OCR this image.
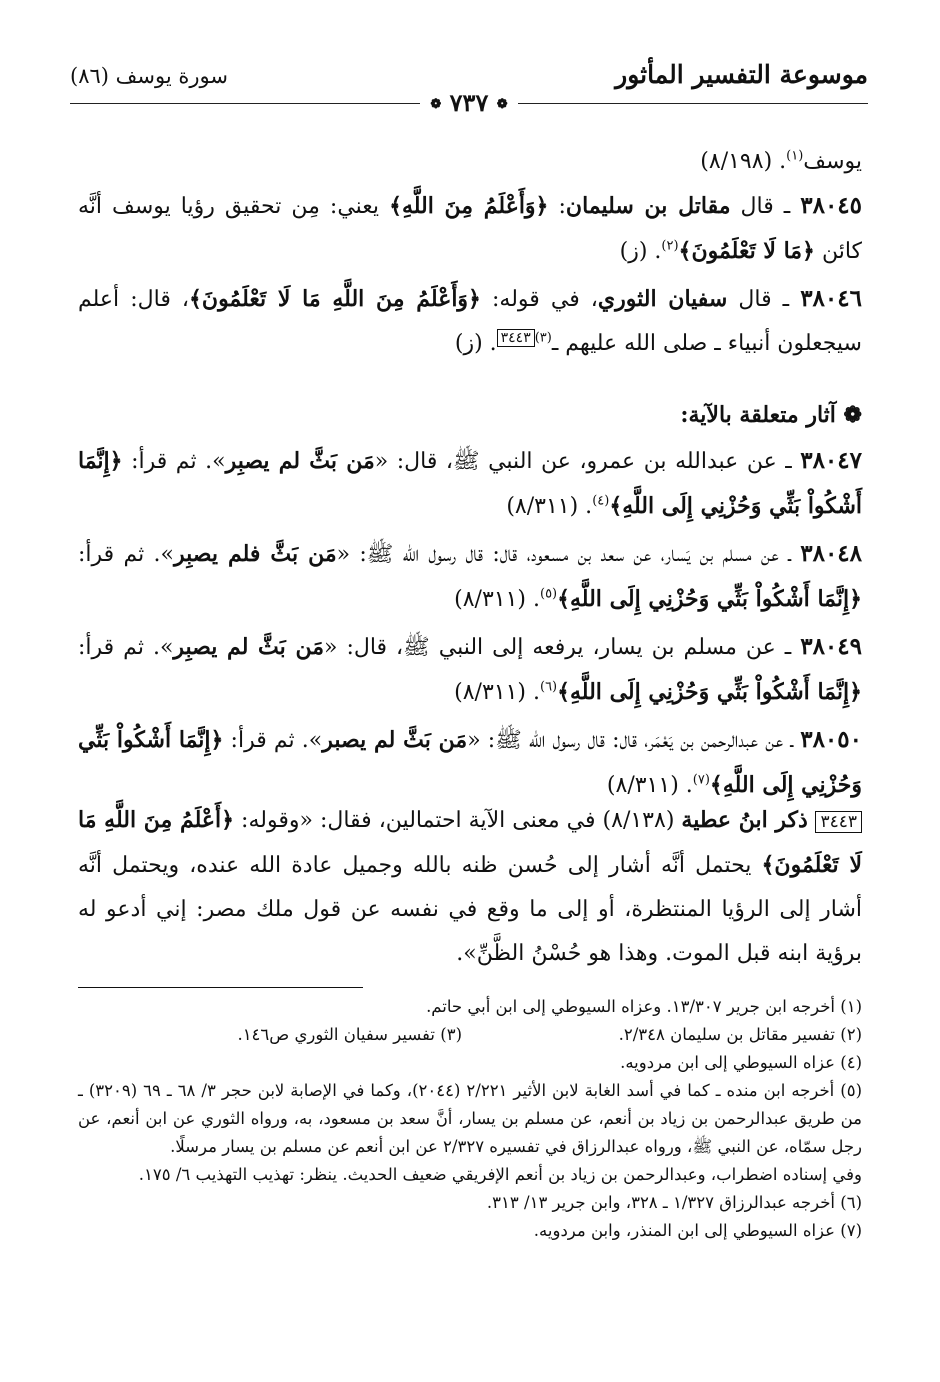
موسوعة التفسير المأثور
سورة يوسف (٨٦)
❁ ٧٣٧ ❁

يوسف$^{(١)}$. (٨/١٩٨)

٣٨٠٤٥ ـ قال مقاتل بن سليمان: ﴿وَأَعْلَمُ مِنَ اللَّهِ﴾ يعني: مِن تحقيق رؤيا يوسف أنَّه كائن ﴿مَا لَا تَعْلَمُونَ﴾$^{(٢)}$. (ز)

٣٨٠٤٦ ـ قال سفيان الثوري، في قوله: ﴿وَأَعْلَمُ مِنَ اللَّهِ مَا لَا تَعْلَمُونَ﴾، قال: أعلم سيجعلون أنبياء ـ صلى الله عليهم ـ$^{(٣)}$٣٤٤٣. (ز)

❁ آثار متعلقة بالآية:

٣٨٠٤٧ ـ عن عبدالله بن عمرو، عن النبي ﷺ، قال: «مَن بَثَّ لم يصبِر». ثم قرأ: ﴿إِنَّمَا أَشْكُواْ بَثِّي وَحُزْنِي إِلَى اللَّهِ﴾$^{(٤)}$. (٨/٣١١)

٣٨٠٤٨ ـ عن مسلم بن يَسار، عن سعد بن مسعود، قال: قال رسول الله ﷺ: «مَن بَثَّ فلم يصبِر». ثم قرأ: ﴿إِنَّمَا أَشْكُواْ بَثِّي وَحُزْنِي إِلَى اللَّهِ﴾$^{(٥)}$. (٨/٣١١)

٣٨٠٤٩ ـ عن مسلم بن يسار، يرفعه إلى النبي ﷺ، قال: «مَن بَثَّ لم يصبِر». ثم قرأ: ﴿إِنَّمَا أَشْكُواْ بَثِّي وَحُزْنِي إِلَى اللَّهِ﴾$^{(٦)}$. (٨/٣١١)

٣٨٠٥٠ ـ عن عبدالرحمن بن يَعْمَر، قال: قال رسول الله ﷺ: «مَن بَثَّ لم يصبر». ثم قرأ: ﴿إِنَّمَا أَشْكُواْ بَثِّي وَحُزْنِي إِلَى اللَّهِ﴾$^{(٧)}$. (٨/٣١١)

٣٤٤٣ ذكر ابنُ عطية (٨/١٣٨) في معنى الآية احتمالين، فقال: «وقوله: ﴿أَعْلَمُ مِنَ اللَّهِ مَا لَا تَعْلَمُونَ﴾ يحتمل أنَّه أشار إلى حُسن ظنه بالله وجميل عادة الله عنده، ويحتمل أنَّه أشار إلى الرؤيا المنتظرة، أو إلى ما وقع في نفسه عن قول ملك مصر: إني أدعو له برؤية ابنه قبل الموت. وهذا هو حُسْنُ الظَّنِّ».

(١) أخرجه ابن جرير ١٣/٣٠٧. وعزاه السيوطي إلى ابن أبي حاتم.

(٢) تفسير مقاتل بن سليمان ٢/٣٤٨.
(٣) تفسير سفيان الثوري ص١٤٦.

(٤) عزاه السيوطي إلى ابن مردويه.

(٥) أخرجه ابن منده ـ كما في أسد الغابة لابن الأثير ٢/٢٢١ (٢٠٤٤)، وكما في الإصابة لابن حجر ٣/ ٦٨ ـ ٦٩ (٣٢٠٩) ـ من طريق عبدالرحمن بن زياد بن أنعم، عن مسلم بن يسار، أنَّ سعد بن مسعود، به، ورواه الثوري عن ابن أنعم، عن رجل سمّاه، عن النبي ﷺ، ورواه عبدالرزاق في تفسيره ٢/٣٢٧ عن ابن أنعم عن مسلم بن يسار مرسلًا.

وفي إسناده اضطراب، وعبدالرحمن بن زياد بن أنعم الإفريقي ضعيف الحديث. ينظر: تهذيب التهذيب ٦/ ١٧٥.

(٦) أخرجه عبدالرزاق ١/٣٢٧ ـ ٣٢٨، وابن جرير ١٣/ ٣١٣.

(٧) عزاه السيوطي إلى ابن المنذر، وابن مردويه.
